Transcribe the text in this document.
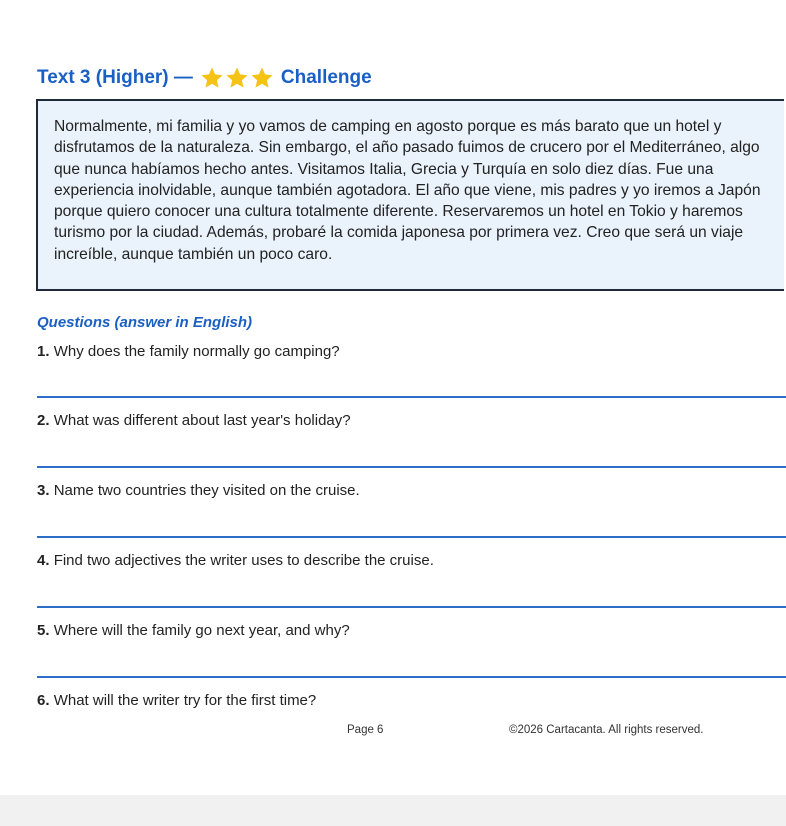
Text 3 (Higher) —	Challenge

Normalmente, mi familia y yo vamos de camping en agosto porque es más barato que un hotel y disfrutamos de la naturaleza. Sin embargo, el año pasado fuimos de crucero por el Mediterráneo, algo que nunca habíamos hecho antes. Visitamos Italia, Grecia y Turquía en solo diez días. Fue una experiencia inolvidable, aunque también agotadora. El año que viene, mis padres y yo iremos a Japón porque quiero conocer una cultura totalmente diferente. Reservaremos un hotel en Tokio y haremos turismo por la ciudad. Además, probaré la comida japonesa por primera vez. Creo que será un viaje increíble, aunque también un poco caro.

Questions (answer in English)
1. Why does the family normally go camping?
2. What was different about last year's holiday?
3. Name two countries they visited on the cruise.
4. Find two adjectives the writer uses to describe the cruise.
5. Where will the family go next year, and why?
6. What will the writer try for the first time?
Page 6	©2026 Cartacanta. All rights reserved.
